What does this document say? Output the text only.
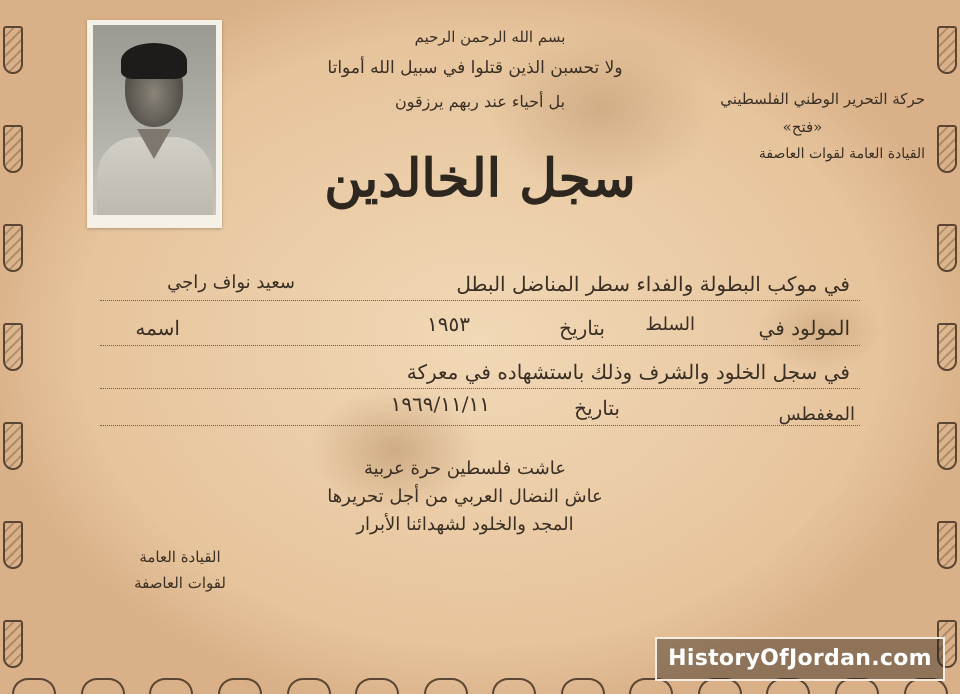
بسم الله الرحمن الرحيم
ولا تحسبن الذين قتلوا في سبيل الله أمواتا
بل أحياء عند ربهم يرزقون
سجل الخالدين
حركة التحرير الوطني الفلسطيني
«فتح»
القيادة العامة لقوات العاصفة
في موكب البطولة والفداء سطر المناضل البطل
سعيد نواف راجي
المولود في
السلط
بتاريخ
١٩٥٣
اسمه
في سجل الخلود والشرف وذلك باستشهاده في معركة
المغفطس
بتاريخ
١٩٦٩/١١/١١
عاشت فلسطين حرة عربية
عاش النضال العربي من أجل تحريرها
المجد والخلود لشهدائنا الأبرار
القيادة العامة
لقوات العاصفة
HistoryOfJordan.com
